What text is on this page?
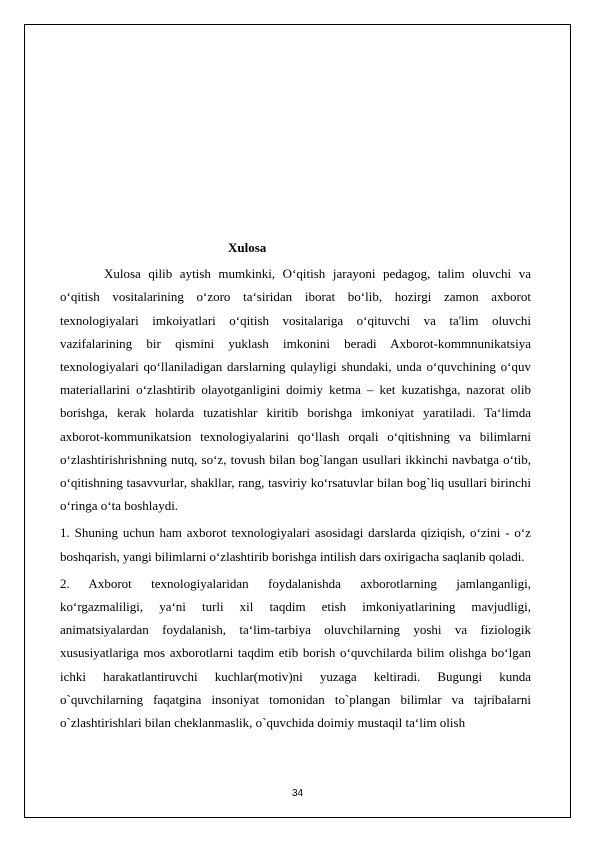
Xulosa

Xulosa qilib aytish mumkinki, O‘qitish jarayoni pedagog, talim oluvchi va o‘qitish vositalarining o‘zoro ta‘siridan iborat bo‘lib, hozirgi zamon axborot texnologiyalari imkoiyatlari o‘qitish vositalariga o‘qituvchi va ta'lim oluvchi vazifalarining bir qismini yuklash imkonini beradi Axborot-kommnunikatsiya texnologiyalari qo‘llaniladigan darslarning qulayligi shundaki, unda o‘quvchining o‘quv materiallarini o‘zlashtirib olayotganligini doimiy ketma – ket kuzatishga, nazorat olib borishga, kerak holarda tuzatishlar kiritib borishga imkoniyat yaratiladi. Ta‘limda axborot-kommunikatsion texnologiyalarini qo‘llash orqali o‘qitishning va bilimlarni o‘zlashtirishrishning nutq, so‘z, tovush bilan bog`langan usullari ikkinchi navbatga o‘tib, o‘qitishning tasavvurlar, shakllar, rang, tasviriy ko‘rsatuvlar bilan bog`liq usullari birinchi o‘ringa o‘ta boshlaydi.

1. Shuning uchun ham axborot texnologiyalari asosidagi darslarda qiziqish, o‘zini - o‘z boshqarish, yangi bilimlarni o‘zlashtirib borishga intilish dars oxirigacha saqlanib qoladi.

2. Axborot texnologiyalaridan foydalanishda axborotlarning jamlanganligi, ko‘rgazmaliligi, ya‘ni turli xil taqdim etish imkoniyatlarining mavjudligi, animatsiyalardan foydalanish, ta‘lim-tarbiya oluvchilarning yoshi va fiziologik xususiyatlariga mos axborotlarni taqdim etib borish o‘quvchilarda bilim olishga bo‘lgan ichki harakatlantiruvchi kuchlar(motiv)ni yuzaga keltiradi. Bugungi kunda o`quvchilarning faqatgina insoniyat tomonidan to`plangan bilimlar va tajribalarni o`zlashtirishlari bilan cheklanmaslik, o`quvchida doimiy mustaqil ta‘lim olish

34
